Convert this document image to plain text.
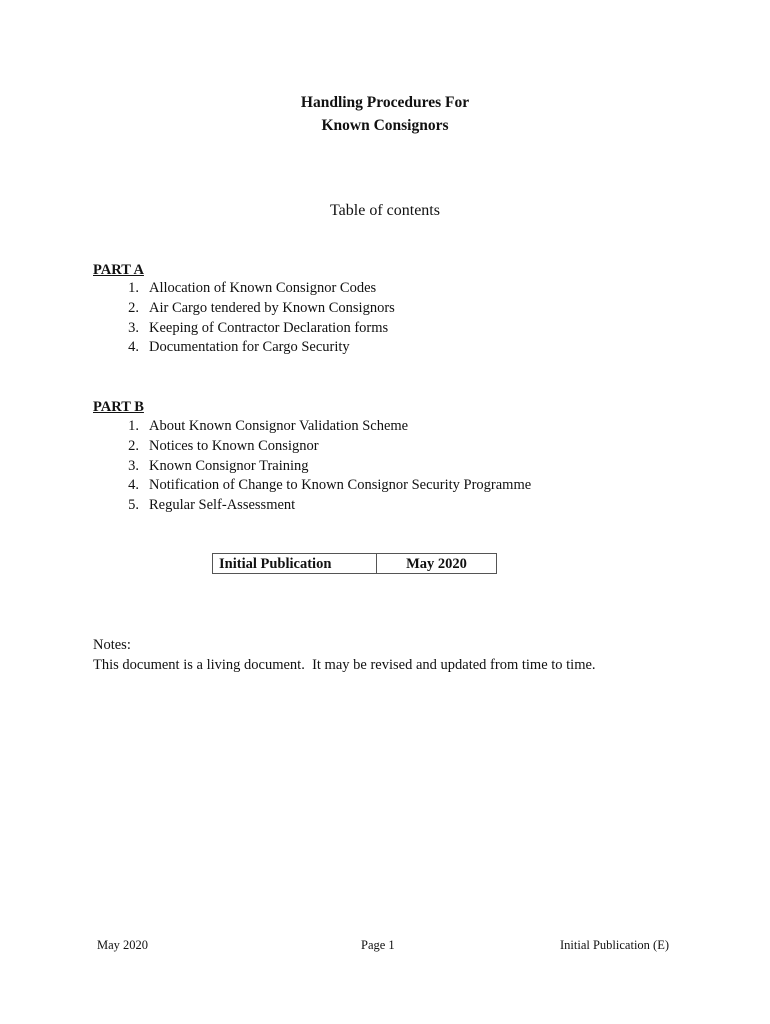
Handling Procedures For
Known Consignors
Table of contents
PART A
1. Allocation of Known Consignor Codes
2. Air Cargo tendered by Known Consignors
3. Keeping of Contractor Declaration forms
4. Documentation for Cargo Security
PART B
1. About Known Consignor Validation Scheme
2. Notices to Known Consignor
3. Known Consignor Training
4. Notification of Change to Known Consignor Security Programme
5. Regular Self-Assessment
Initial Publication	May 2020
Notes:
This document is a living document.  It may be revised and updated from time to time.
May 2020	Page 1	Initial Publication (E)
